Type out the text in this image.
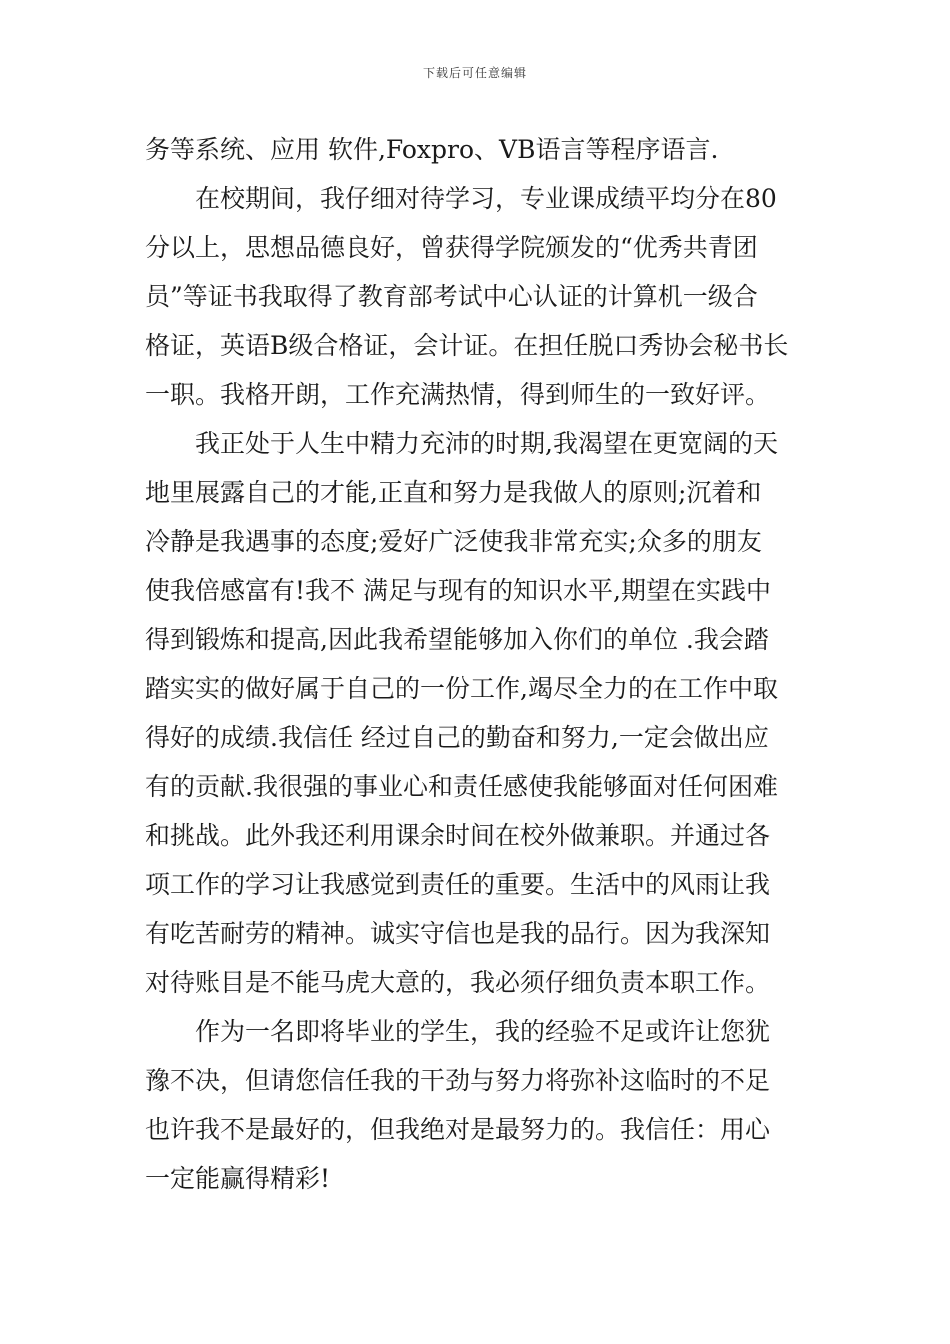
下载后可任意编辑
务等系统、应用 软件,Foxpro、VB语言等程序语言.
　　在校期间，我仔细对待学习，专业课成绩平均分在80
分以上，思想品德良好，曾获得学院颁发的“优秀共青团
员”等证书我取得了教育部考试中心认证的计算机一级合
格证，英语B级合格证，会计证。在担任脱口秀协会秘书长
一职。我格开朗，工作充满热情，得到师生的一致好评。
　　我正处于人生中精力充沛的时期,我渴望在更宽阔的天
地里展露自己的才能,正直和努力是我做人的原则;沉着和
冷静是我遇事的态度;爱好广泛使我非常充实;众多的朋友
使我倍感富有!我不 满足与现有的知识水平,期望在实践中
得到锻炼和提高,因此我希望能够加入你们的单位 .我会踏
踏实实的做好属于自己的一份工作,竭尽全力的在工作中取
得好的成绩.我信任 经过自己的勤奋和努力,一定会做出应
有的贡献.我很强的事业心和责任感使我能够面对任何困难
和挑战。此外我还利用课余时间在校外做兼职。并通过各
项工作的学习让我感觉到责任的重要。生活中的风雨让我
有吃苦耐劳的精神。诚实守信也是我的品行。因为我深知
对待账目是不能马虎大意的，我必须仔细负责本职工作。
　　作为一名即将毕业的学生，我的经验不足或许让您犹
豫不决，但请您信任我的干劲与努力将弥补这临时的不足
也许我不是最好的，但我绝对是最努力的。我信任：用心
一定能赢得精彩!
